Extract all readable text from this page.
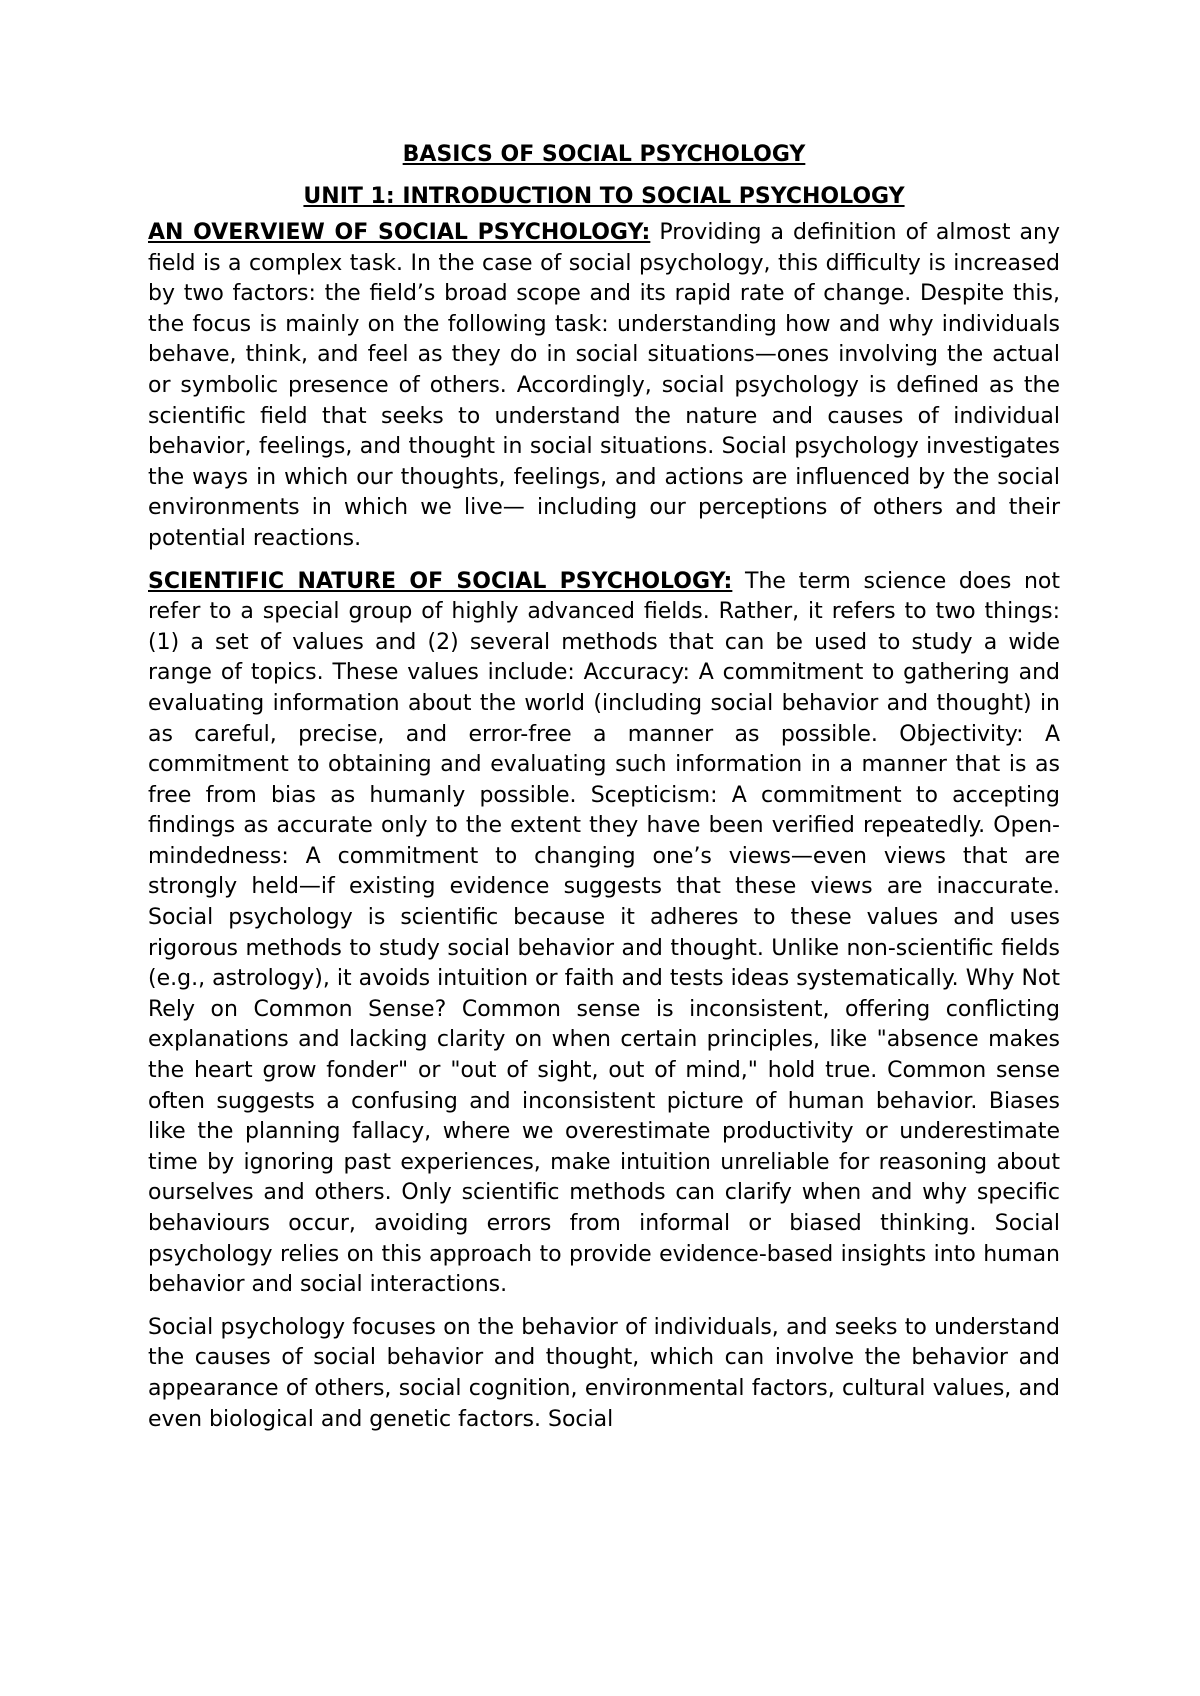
BASICS OF SOCIAL PSYCHOLOGY
UNIT 1: INTRODUCTION TO SOCIAL PSYCHOLOGY

AN OVERVIEW OF SOCIAL PSYCHOLOGY: Providing a definition of almost any field is a complex task. In the case of social psychology, this difficulty is increased by two factors: the field’s broad scope and its rapid rate of change. Despite this, the focus is mainly on the following task: understanding how and why individuals behave, think, and feel as they do in social situations—ones involving the actual or symbolic presence of others. Accordingly, social psychology is defined as the scientific field that seeks to understand the nature and causes of individual behavior, feelings, and thought in social situations. Social psychology investigates the ways in which our thoughts, feelings, and actions are influenced by the social environments in which we live— including our perceptions of others and their potential reactions.

SCIENTIFIC NATURE OF SOCIAL PSYCHOLOGY: The term science does not refer to a special group of highly advanced fields. Rather, it refers to two things: (1) a set of values and (2) several methods that can be used to study a wide range of topics. These values include: Accuracy: A commitment to gathering and evaluating information about the world (including social behavior and thought) in as careful, precise, and error-free a manner as possible. Objectivity: A commitment to obtaining and evaluating such information in a manner that is as free from bias as humanly possible. Scepticism: A commitment to accepting findings as accurate only to the extent they have been verified repeatedly. Open-mindedness: A commitment to changing one’s views—even views that are strongly held—if existing evidence suggests that these views are inaccurate. Social psychology is scientific because it adheres to these values and uses rigorous methods to study social behavior and thought. Unlike non-scientific fields (e.g., astrology), it avoids intuition or faith and tests ideas systematically. Why Not Rely on Common Sense? Common sense is inconsistent, offering conflicting explanations and lacking clarity on when certain principles, like "absence makes the heart grow fonder" or "out of sight, out of mind," hold true. Common sense often suggests a confusing and inconsistent picture of human behavior. Biases like the planning fallacy, where we overestimate productivity or underestimate time by ignoring past experiences, make intuition unreliable for reasoning about ourselves and others. Only scientific methods can clarify when and why specific behaviours occur, avoiding errors from informal or biased thinking. Social psychology relies on this approach to provide evidence-based insights into human behavior and social interactions.

Social psychology focuses on the behavior of individuals, and seeks to understand the causes of social behavior and thought, which can involve the behavior and appearance of others, social cognition, environmental factors, cultural values, and even biological and genetic factors. Social
